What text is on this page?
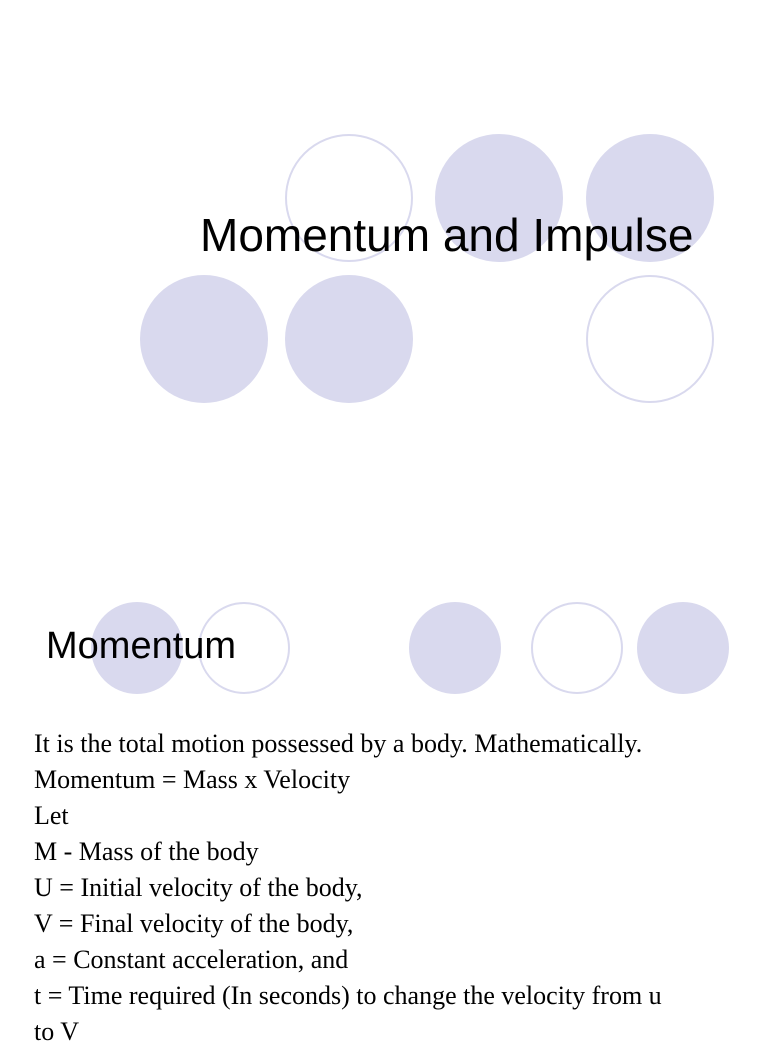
Momentum and Impulse
Momentum
It is the total motion possessed by a body. Mathematically.
Momentum = Mass x Velocity
Let
M - Mass of the body
U = Initial velocity of the body,
V = Final velocity of the body,
a = Constant acceleration, and
t = Time required (In seconds) to change the velocity from u
to V
